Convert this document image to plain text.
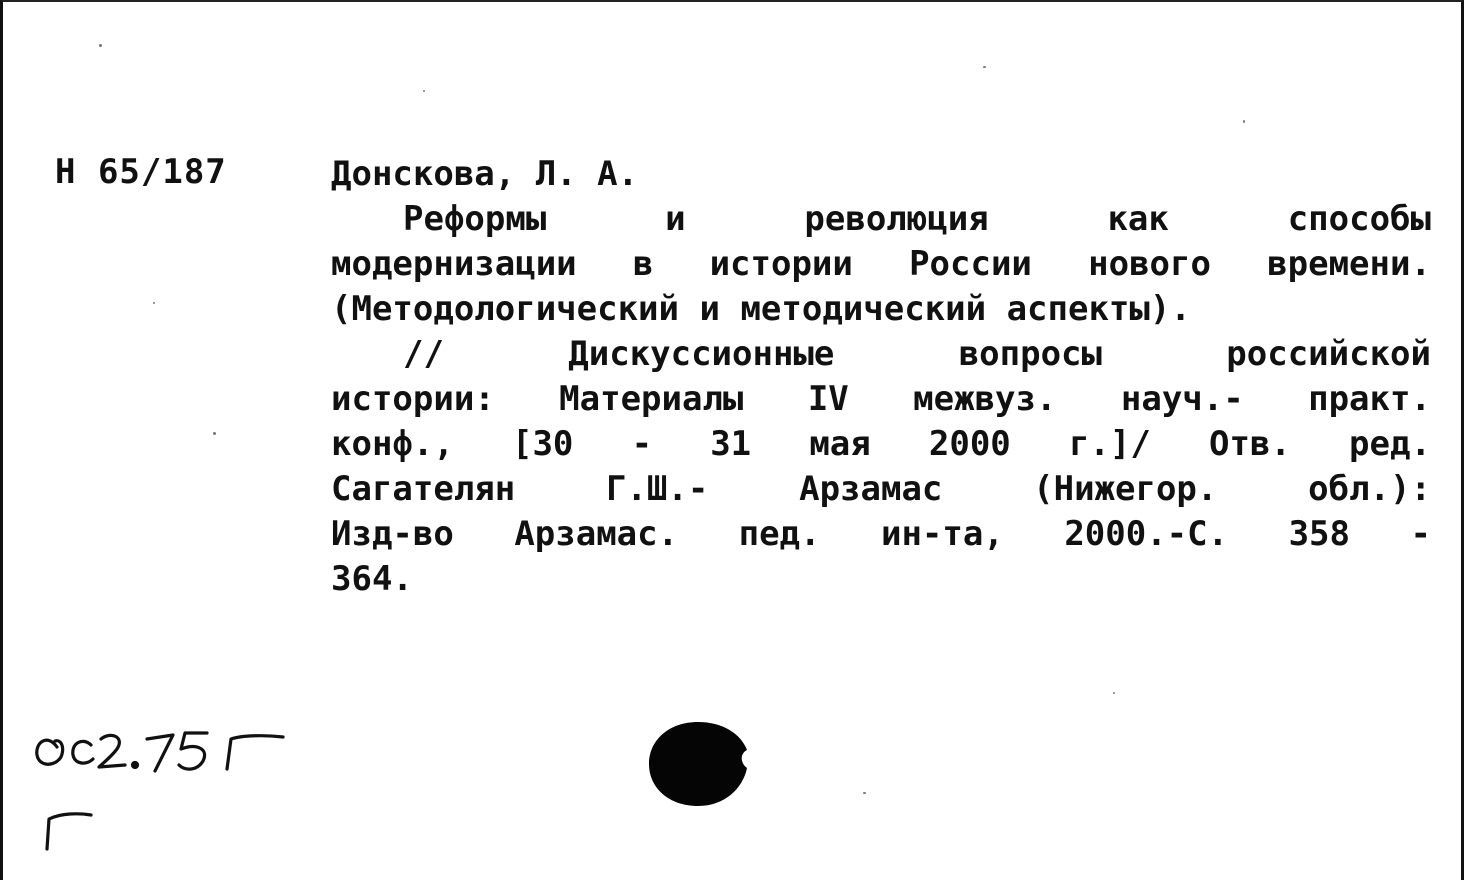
Н 65/187	Донскова, Л. А.
Реформы	и	революция	как	способы
модернизации в истории России нового времени.
(Методологический и методический аспекты).
//	Дискуссионные	вопросы	российской
истории: Материалы IV межвуз. науч.- практ.
конф., [30 - 31 мая 2000 г.]/ Отв. ред.
Сагателян	Г.Ш.-	Арзамас	(Нижегор.	обл.):
Изд-во Арзамас. пед. ин-та, 2000.-С. 358 -
364.
